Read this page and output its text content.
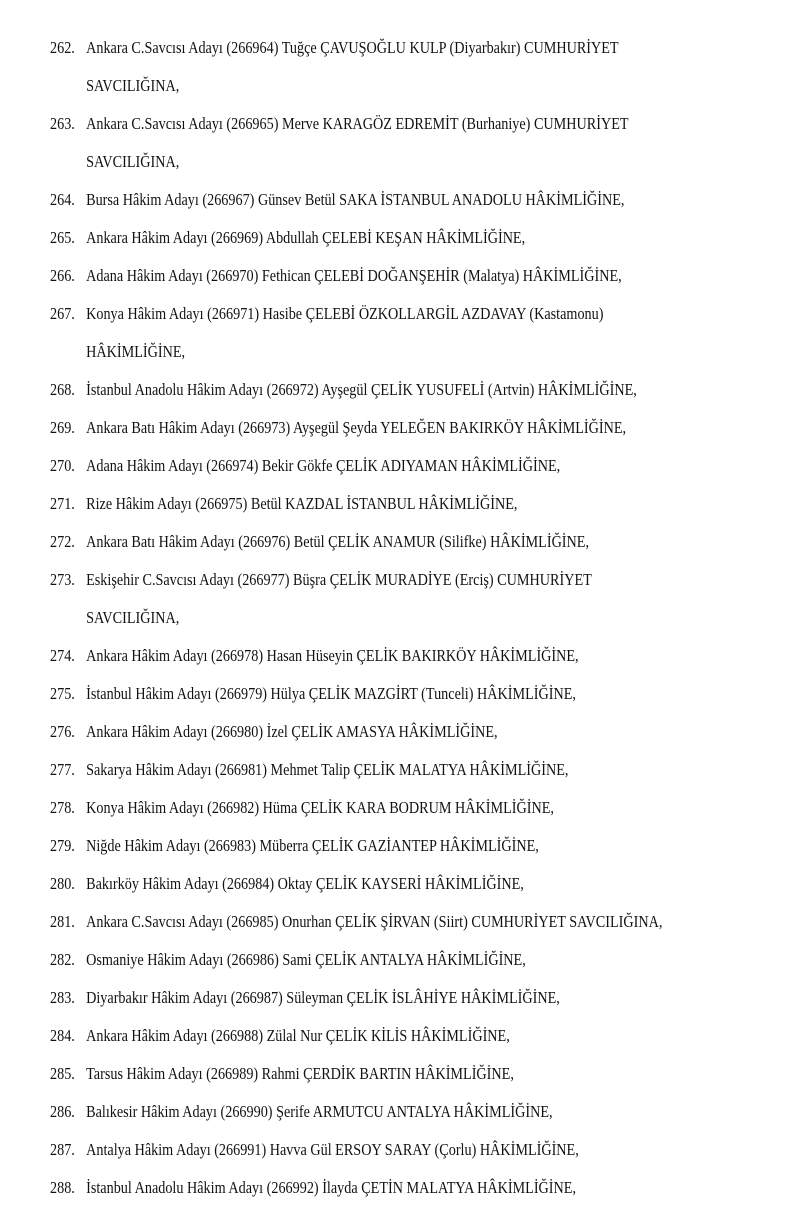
262. Ankara C.Savcısı Adayı (266964) Tuğçe ÇAVUŞOĞLU KULP (Diyarbakır) CUMHURİYET
SAVCILIĞINA,
263. Ankara C.Savcısı Adayı (266965) Merve KARAGÖZ EDREMİT (Burhaniye) CUMHURİYET
SAVCILIĞINA,
264. Bursa Hâkim Adayı (266967) Günsev Betül SAKA İSTANBUL ANADOLU HÂKİMLİĞİNE,
265. Ankara Hâkim Adayı (266969) Abdullah ÇELEBİ KEŞAN HÂKİMLİĞİNE,
266. Adana Hâkim Adayı (266970) Fethican ÇELEBİ DOĞANŞEHİR (Malatya) HÂKİMLİĞİNE,
267. Konya Hâkim Adayı (266971) Hasibe ÇELEBİ ÖZKOLLARGİL AZDAVAY (Kastamonu)
HÂKİMLİĞİNE,
268. İstanbul Anadolu Hâkim Adayı (266972) Ayşegül ÇELİK YUSUFELİ (Artvin) HÂKİMLİĞİNE,
269. Ankara Batı Hâkim Adayı (266973) Ayşegül Şeyda YELEĞEN BAKIRKÖY HÂKİMLİĞİNE,
270. Adana Hâkim Adayı (266974) Bekir Gökfe ÇELİK ADIYAMAN HÂKİMLİĞİNE,
271. Rize Hâkim Adayı (266975) Betül KAZDAL İSTANBUL HÂKİMLİĞİNE,
272. Ankara Batı Hâkim Adayı (266976) Betül ÇELİK ANAMUR (Silifke) HÂKİMLİĞİNE,
273. Eskişehir C.Savcısı Adayı (266977) Büşra ÇELİK MURADİYE (Erciş) CUMHURİYET
SAVCILIĞINA,
274. Ankara Hâkim Adayı (266978) Hasan Hüseyin ÇELİK BAKIRKÖY HÂKİMLİĞİNE,
275. İstanbul Hâkim Adayı (266979) Hülya ÇELİK MAZGİRT (Tunceli) HÂKİMLİĞİNE,
276. Ankara Hâkim Adayı (266980) İzel ÇELİK AMASYA HÂKİMLİĞİNE,
277. Sakarya Hâkim Adayı (266981) Mehmet Talip ÇELİK MALATYA HÂKİMLİĞİNE,
278. Konya Hâkim Adayı (266982) Hüma ÇELİK KARA BODRUM HÂKİMLİĞİNE,
279. Niğde Hâkim Adayı (266983) Müberra ÇELİK GAZİANTEP HÂKİMLİĞİNE,
280. Bakırköy Hâkim Adayı (266984) Oktay ÇELİK KAYSERİ HÂKİMLİĞİNE,
281. Ankara C.Savcısı Adayı (266985) Onurhan ÇELİK ŞİRVAN (Siirt) CUMHURİYET SAVCILIĞINA,
282. Osmaniye Hâkim Adayı (266986) Sami ÇELİK ANTALYA HÂKİMLİĞİNE,
283. Diyarbakır Hâkim Adayı (266987) Süleyman ÇELİK İSLÂHİYE HÂKİMLİĞİNE,
284. Ankara Hâkim Adayı (266988) Zülal Nur ÇELİK KİLİS HÂKİMLİĞİNE,
285. Tarsus Hâkim Adayı (266989) Rahmi ÇERDİK BARTIN HÂKİMLİĞİNE,
286. Balıkesir Hâkim Adayı (266990) Şerife ARMUTCU ANTALYA HÂKİMLİĞİNE,
287. Antalya Hâkim Adayı (266991) Havva Gül ERSOY SARAY (Çorlu) HÂKİMLİĞİNE,
288. İstanbul Anadolu Hâkim Adayı (266992) İlayda ÇETİN MALATYA HÂKİMLİĞİNE,
